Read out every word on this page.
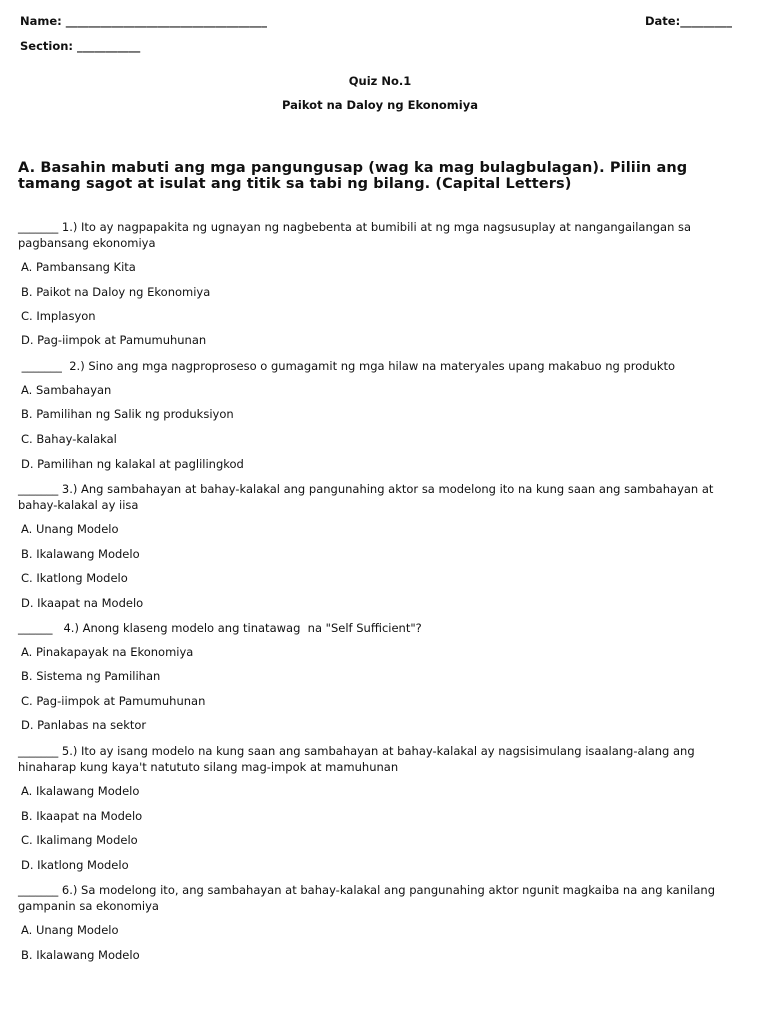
Name: ___________________________________	Date:_________
Section: ___________
Quiz No.1
Paikot na Daloy ng Ekonomiya
A. Basahin mabuti ang mga pangungusap (wag ka mag bulagbulagan). Piliin ang tamang sagot at isulat ang titik sa tabi ng bilang. (Capital Letters)
_______ 1.) Ito ay nagpapakita ng ugnayan ng nagbebenta at bumibili at ng mga nagsusuplay at nangangailangan sa pagbansang ekonomiya
A. Pambansang Kita
B. Paikot na Daloy ng Ekonomiya
C. Implasyon
D. Pag-iimpok at Pamumuhunan
_______  2.) Sino ang mga nagproproseso o gumagamit ng mga hilaw na materyales upang makabuo ng produkto
A. Sambahayan
B. Pamilihan ng Salik ng produksiyon
C. Bahay-kalakal
D. Pamilihan ng kalakal at paglilingkod
_______ 3.) Ang sambahayan at bahay-kalakal ang pangunahing aktor sa modelong ito na kung saan ang sambahayan at bahay-kalakal ay iisa
A. Unang Modelo
B. Ikalawang Modelo
C. Ikatlong Modelo
D. Ikaapat na Modelo
______   4.) Anong klaseng modelo ang tinatawag  na "Self Sufficient"?
A. Pinakapayak na Ekonomiya
B. Sistema ng Pamilihan
C. Pag-iimpok at Pamumuhunan
D. Panlabas na sektor
_______ 5.) Ito ay isang modelo na kung saan ang sambahayan at bahay-kalakal ay nagsisimulang isaalang-alang ang hinaharap kung kaya't natututo silang mag-impok at mamuhunan
A. Ikalawang Modelo
B. Ikaapat na Modelo
C. Ikalimang Modelo
D. Ikatlong Modelo
_______ 6.) Sa modelong ito, ang sambahayan at bahay-kalakal ang pangunahing aktor ngunit magkaiba na ang kanilang gampanin sa ekonomiya
A. Unang Modelo
B. Ikalawang Modelo
